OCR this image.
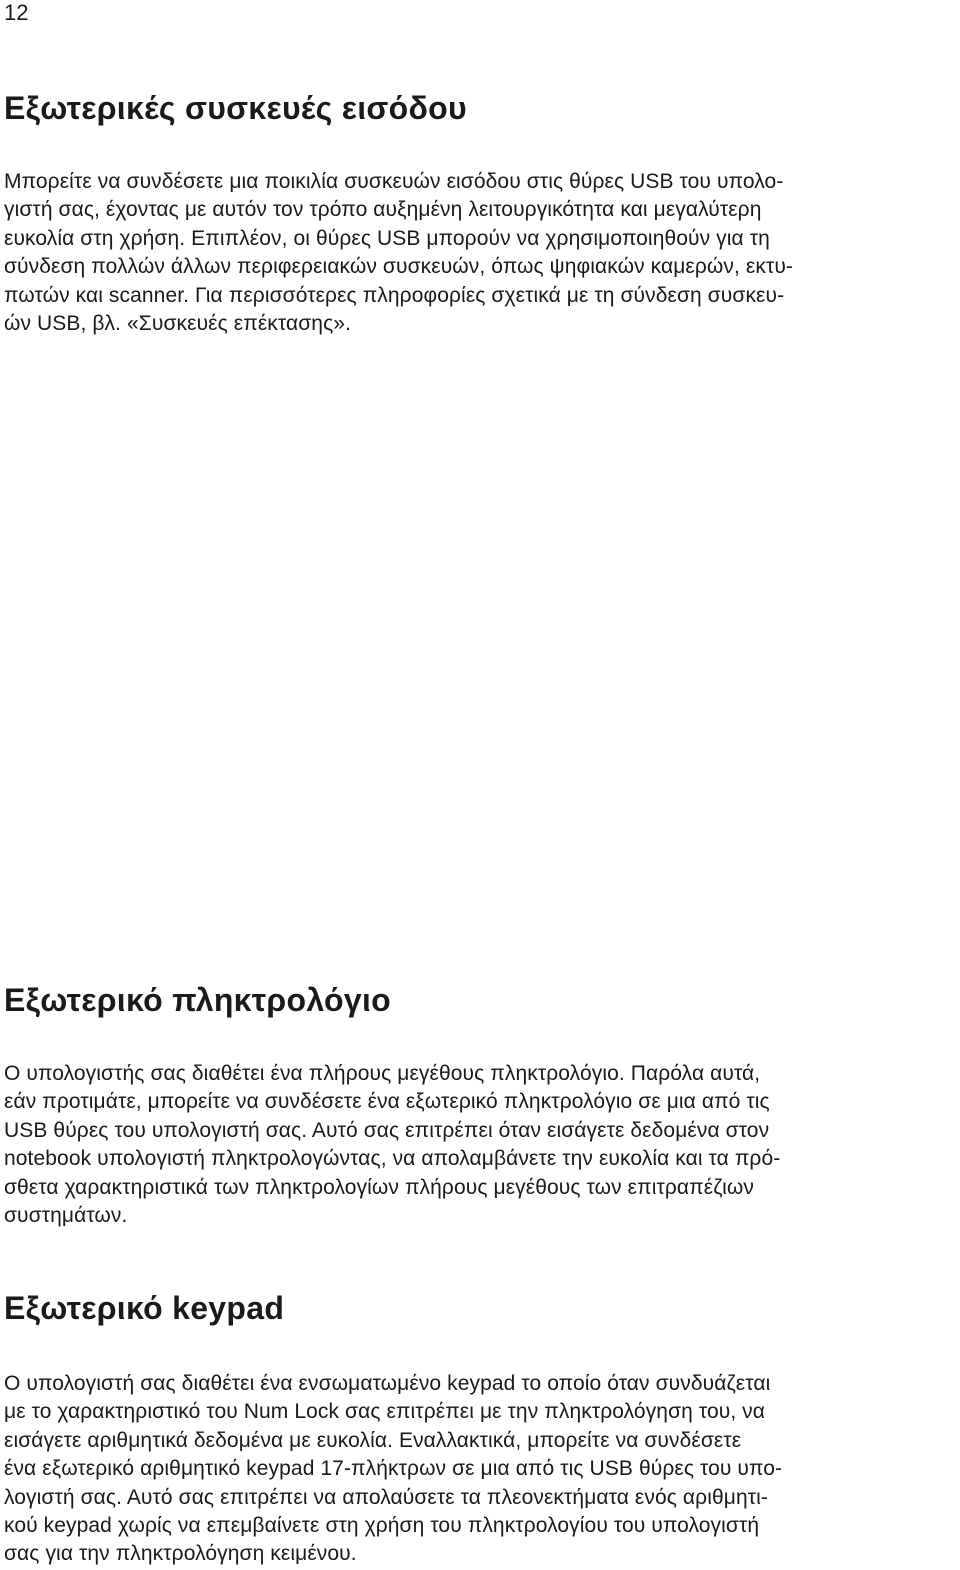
12
Εξωτερικές συσκευές εισόδου

Μπορείτε να συνδέσετε μια ποικιλία συσκευών εισόδου στις θύρες USB του υπολο-
γιστή σας, έχοντας με αυτόν τον τρόπο αυξημένη λειτουργικότητα και μεγαλύτερη
ευκολία στη χρήση. Επιπλέον, οι θύρες USB μπορούν να χρησιμοποιηθούν για τη
σύνδεση πολλών άλλων περιφερειακών συσκευών, όπως ψηφιακών καμερών, εκτυ-
πωτών και scanner. Για περισσότερες πληροφορίες σχετικά με τη σύνδεση συσκευ-
ών USB, βλ. «Συσκευές επέκτασης».

Εξωτερικό πληκτρολόγιο

Ο υπολογιστής σας διαθέτει ένα πλήρους μεγέθους πληκτρολόγιο. Παρόλα αυτά,
εάν προτιμάτε, μπορείτε να συνδέσετε ένα εξωτερικό πληκτρολόγιο σε μια από τις
USB θύρες του υπολογιστή σας. Αυτό σας επιτρέπει όταν εισάγετε δεδομένα στον
notebook υπολογιστή πληκτρολογώντας, να απολαμβάνετε την ευκολία και τα πρό-
σθετα χαρακτηριστικά των πληκτρολογίων πλήρους μεγέθους των επιτραπέζιων
συστημάτων.

Εξωτερικό keypad

Ο υπολογιστή σας διαθέτει ένα ενσωματωμένο keypad το οποίο όταν συνδυάζεται
με το χαρακτηριστικό του Num Lock σας επιτρέπει με την πληκτρολόγηση του, να
εισάγετε αριθμητικά δεδομένα με ευκολία. Εναλλακτικά, μπορείτε να συνδέσετε
ένα εξωτερικό αριθμητικό keypad 17-πλήκτρων σε μια από τις USB θύρες του υπο-
λογιστή σας. Αυτό σας επιτρέπει να απολαύσετε τα πλεονεκτήματα ενός αριθμητι-
κού keypad χωρίς να επεμβαίνετε στη χρήση του πληκτρολογίου του υπολογιστή
σας για την πληκτρολόγηση κειμένου.
